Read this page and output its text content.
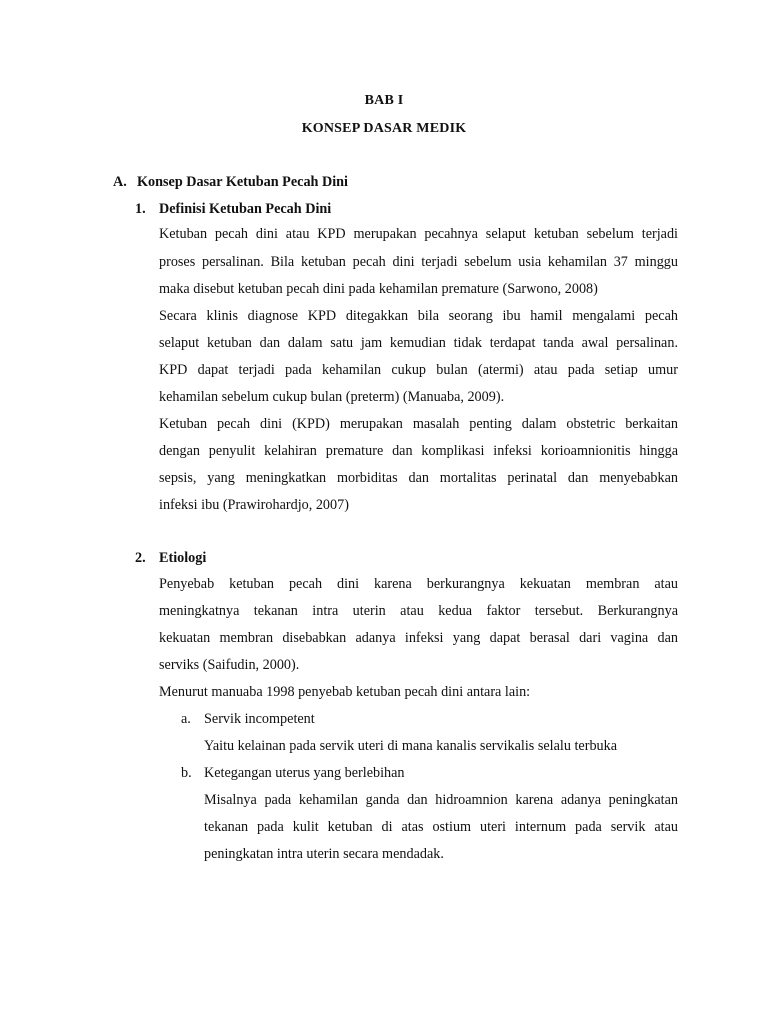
BAB I
KONSEP DASAR MEDIK
A. Konsep Dasar Ketuban Pecah Dini
1. Definisi Ketuban Pecah Dini
Ketuban pecah dini atau KPD merupakan pecahnya selaput ketuban sebelum terjadi
proses persalinan. Bila ketuban pecah dini terjadi sebelum usia kehamilan 37 minggu
maka disebut ketuban pecah dini pada kehamilan premature (Sarwono, 2008)
Secara klinis diagnose KPD ditegakkan bila seorang ibu hamil mengalami pecah
selaput ketuban dan dalam satu jam kemudian tidak terdapat tanda awal persalinan.
KPD dapat terjadi pada kehamilan cukup bulan (atermi) atau pada setiap umur
kehamilan sebelum cukup bulan (preterm) (Manuaba, 2009).
Ketuban pecah dini (KPD) merupakan masalah penting dalam obstetric berkaitan
dengan penyulit kelahiran premature dan komplikasi infeksi korioamnionitis hingga
sepsis, yang meningkatkan morbiditas dan mortalitas perinatal dan menyebabkan
infeksi ibu (Prawirohardjo, 2007)
2. Etiologi
Penyebab ketuban pecah dini karena berkurangnya kekuatan membran atau
meningkatnya tekanan intra uterin atau kedua faktor tersebut. Berkurangnya
kekuatan membran disebabkan adanya infeksi yang dapat berasal dari vagina dan
serviks (Saifudin, 2000).
Menurut manuaba 1998 penyebab ketuban pecah dini antara lain:
a. Servik incompetent
Yaitu kelainan pada servik uteri di mana kanalis servikalis selalu terbuka
b. Ketegangan uterus yang berlebihan
Misalnya pada kehamilan ganda dan hidroamnion karena adanya peningkatan
tekanan pada kulit ketuban di atas ostium uteri internum pada servik atau
peningkatan intra uterin secara mendadak.
